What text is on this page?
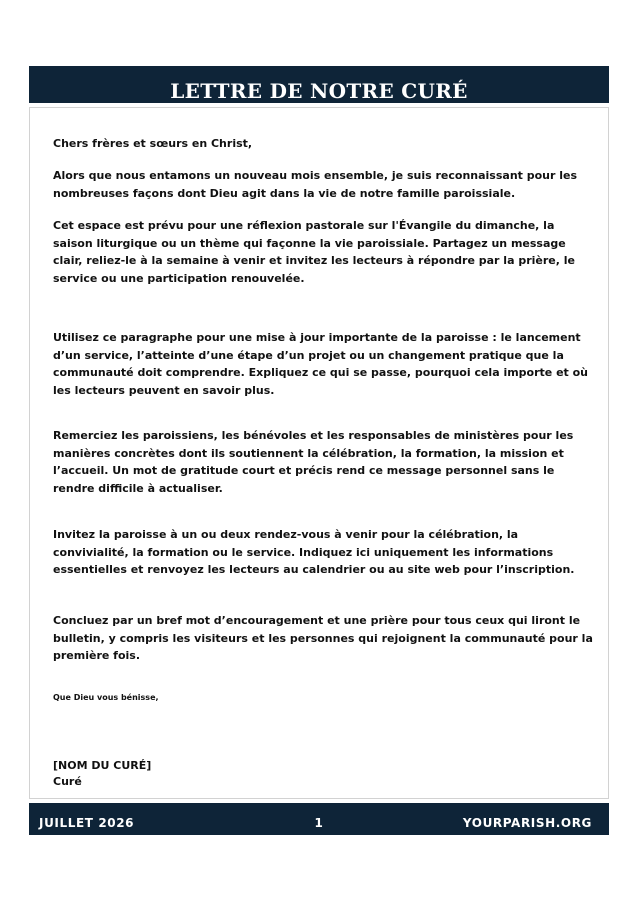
LETTRE DE NOTRE CURÉ

Chers frères et sœurs en Christ,

Alors que nous entamons un nouveau mois ensemble, je suis reconnaissant pour les nombreuses façons dont Dieu agit dans la vie de notre famille paroissiale.

Cet espace est prévu pour une réflexion pastorale sur l'Évangile du dimanche, la saison liturgique ou un thème qui façonne la vie paroissiale. Partagez un message clair, reliez-le à la semaine à venir et invitez les lecteurs à répondre par la prière, le service ou une participation renouvelée.

Utilisez ce paragraphe pour une mise à jour importante de la paroisse : le lancement d’un service, l’atteinte d’une étape d’un projet ou un changement pratique que la communauté doit comprendre. Expliquez ce qui se passe, pourquoi cela importe et où les lecteurs peuvent en savoir plus.

Remerciez les paroissiens, les bénévoles et les responsables de ministères pour les manières concrètes dont ils soutiennent la célébration, la formation, la mission et l’accueil. Un mot de gratitude court et précis rend ce message personnel sans le rendre difficile à actualiser.

Invitez la paroisse à un ou deux rendez-vous à venir pour la célébration, la convivialité, la formation ou le service. Indiquez ici uniquement les informations essentielles et renvoyez les lecteurs au calendrier ou au site web pour l’inscription.

Concluez par un bref mot d’encouragement et une prière pour tous ceux qui liront le bulletin, y compris les visiteurs et les personnes qui rejoignent la communauté pour la première fois.

Que Dieu vous bénisse,

[NOM DU CURÉ]

Curé

JUILLET 2026	1	YOURPARISH.ORG
